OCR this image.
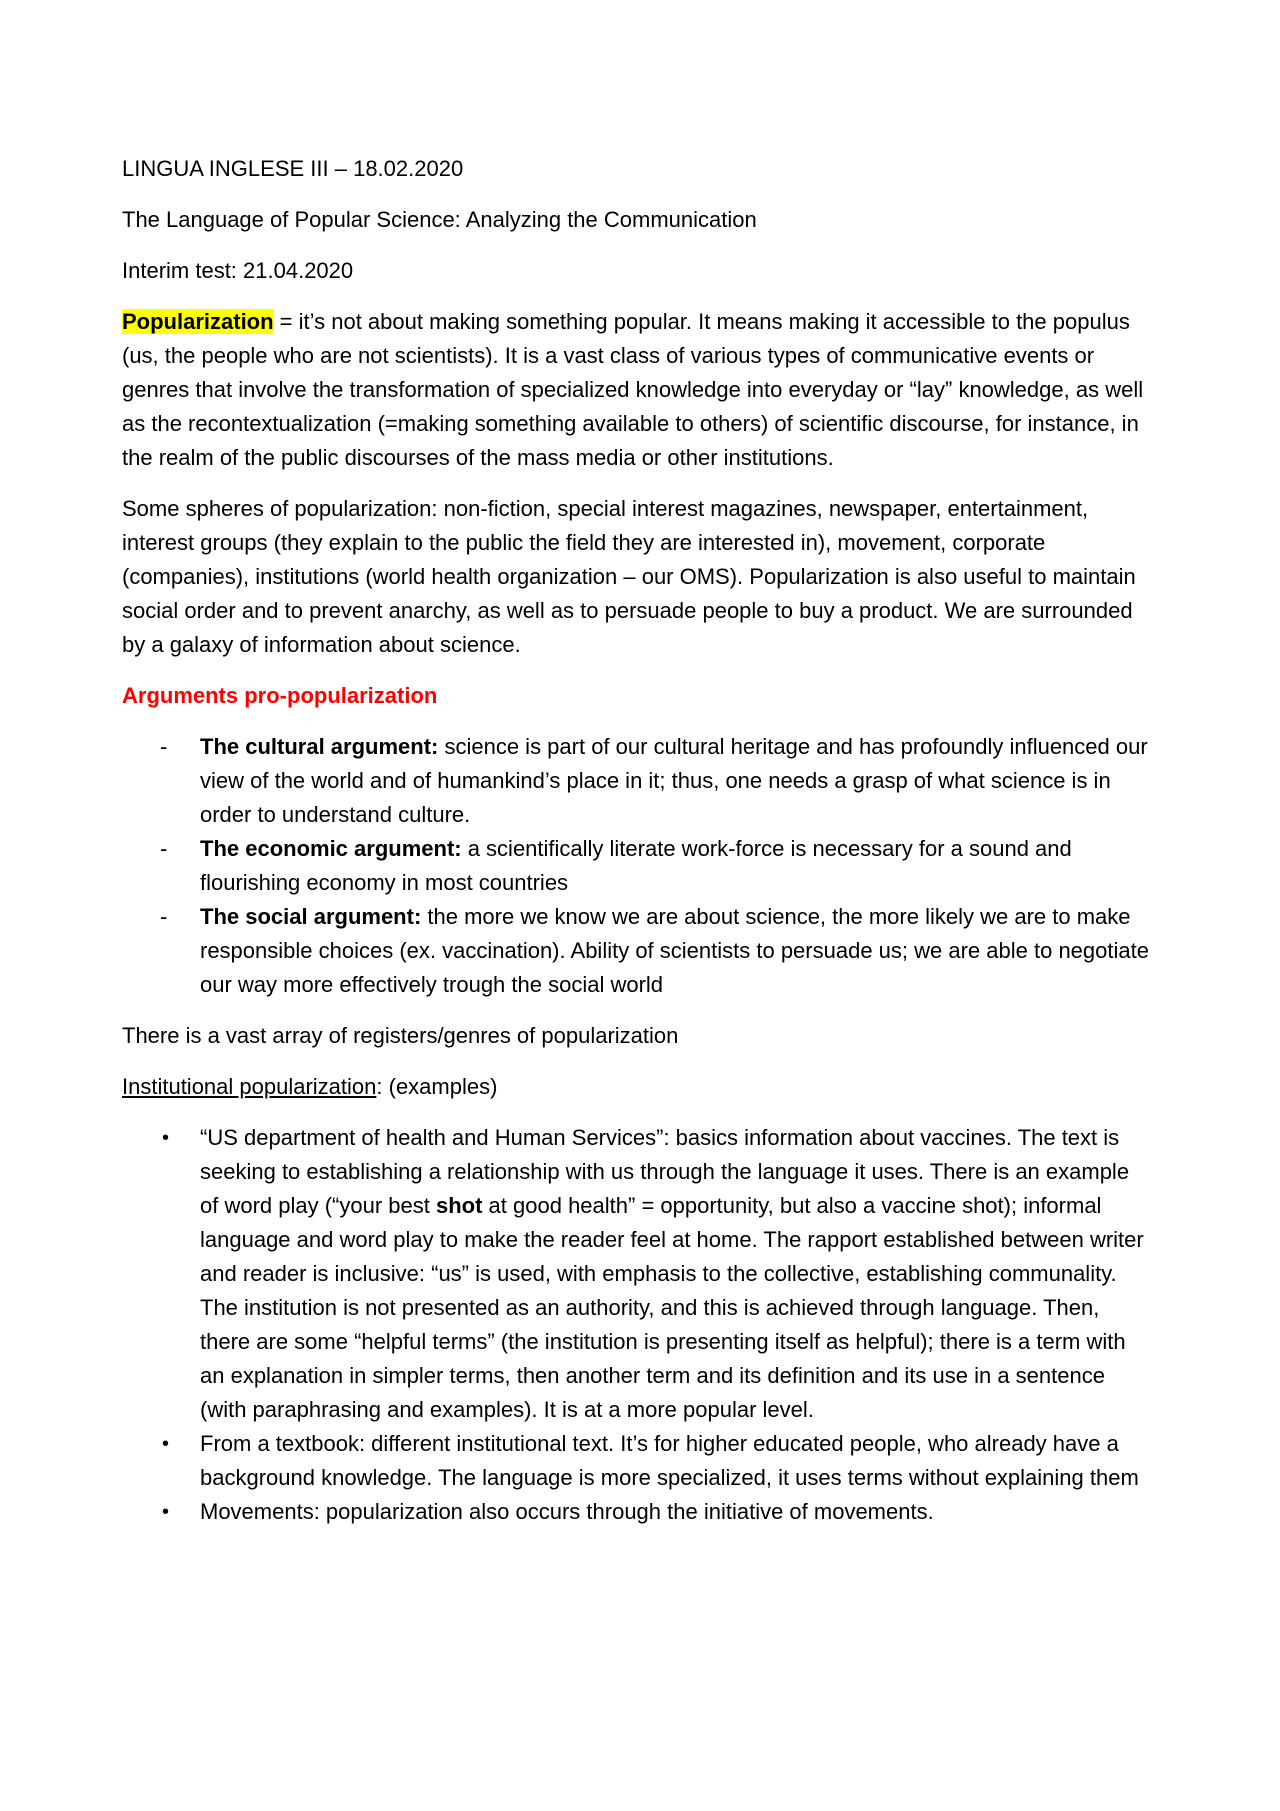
LINGUA INGLESE III – 18.02.2020

The Language of Popular Science: Analyzing the Communication

Interim test: 21.04.2020

Popularization = it’s not about making something popular. It means making it accessible to the populus (us, the people who are not scientists). It is a vast class of various types of communicative events or genres that involve the transformation of specialized knowledge into everyday or “lay” knowledge, as well as the recontextualization (=making something available to others) of scientific discourse, for instance, in the realm of the public discourses of the mass media or other institutions.

Some spheres of popularization: non-fiction, special interest magazines, newspaper, entertainment, interest groups (they explain to the public the field they are interested in), movement, corporate (companies), institutions (world health organization – our OMS). Popularization is also useful to maintain social order and to prevent anarchy, as well as to persuade people to buy a product. We are surrounded by a galaxy of information about science.

Arguments pro-popularization

-	The cultural argument: science is part of our cultural heritage and has profoundly influenced our view of the world and of humankind’s place in it; thus, one needs a grasp of what science is in order to understand culture.
-	The economic argument: a scientifically literate work-force is necessary for a sound and flourishing economy in most countries
-	The social argument: the more we know we are about science, the more likely we are to make responsible choices (ex. vaccination). Ability of scientists to persuade us; we are able to negotiate our way more effectively trough the social world

There is a vast array of registers/genres of popularization

Institutional popularization: (examples)

•	“US department of health and Human Services”: basics information about vaccines. The text is seeking to establishing a relationship with us through the language it uses. There is an example of word play (“your best shot at good health” = opportunity, but also a vaccine shot); informal language and word play to make the reader feel at home. The rapport established between writer and reader is inclusive: “us” is used, with emphasis to the collective, establishing communality. The institution is not presented as an authority, and this is achieved through language. Then, there are some “helpful terms” (the institution is presenting itself as helpful); there is a term with an explanation in simpler terms, then another term and its definition and its use in a sentence (with paraphrasing and examples). It is at a more popular level.
•	From a textbook: different institutional text. It’s for higher educated people, who already have a background knowledge. The language is more specialized, it uses terms without explaining them
•	Movements: popularization also occurs through the initiative of movements.
